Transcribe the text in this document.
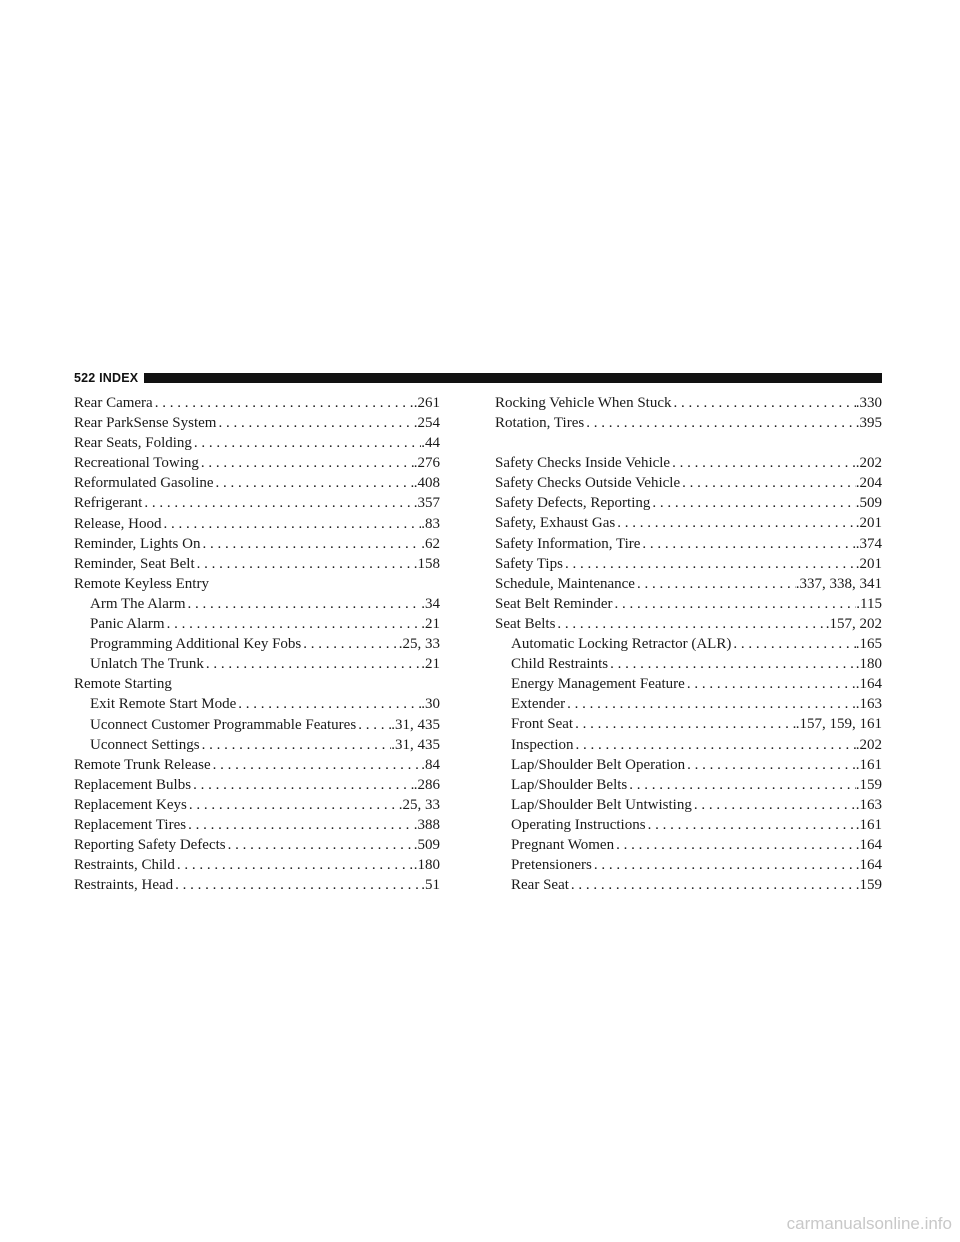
522 INDEX
Rear Camera . . .	.261
Rear ParkSense System . . .	.254
Rear Seats, Folding . . .	.44
Recreational Towing . . .	.276
Reformulated Gasoline . . .	.408
Refrigerant . . .	.357
Release, Hood . . .	.83
Reminder, Lights On . . .	.62
Reminder, Seat Belt . . .	.158
Remote Keyless Entry
Arm The Alarm . . .	.34
Panic Alarm . . .	.21
Programming Additional Key Fobs . . .	.25, 33
Unlatch The Trunk . . .	.21
Remote Starting
Exit Remote Start Mode . . .	.30
Uconnect Customer Programmable Features . . . .31, 435
Uconnect Settings . . .	.31, 435
Remote Trunk Release . . .	.84
Replacement Bulbs . . .	.286
Replacement Keys . . .	.25, 33
Replacement Tires . . .	.388
Reporting Safety Defects . . .	.509
Restraints, Child . . .	.180
Restraints, Head . . .	.51
Rocking Vehicle When Stuck . . .	.330
Rotation, Tires . . .	.395
Safety Checks Inside Vehicle . . .	.202
Safety Checks Outside Vehicle . . .	.204
Safety Defects, Reporting . . .	.509
Safety, Exhaust Gas . . .	.201
Safety Information, Tire . . .	.374
Safety Tips . . .	.201
Schedule, Maintenance . . .	.337, 338, 341
Seat Belt Reminder . . .	.115
Seat Belts . . .	.157, 202
Automatic Locking Retractor (ALR) . . .	.165
Child Restraints . . .	.180
Energy Management Feature . . .	.164
Extender . . .	.163
Front Seat . . .	.157, 159, 161
Inspection . . .	.202
Lap/Shoulder Belt Operation . . .	.161
Lap/Shoulder Belts . . .	.159
Lap/Shoulder Belt Untwisting . . .	.163
Operating Instructions . . .	.161
Pregnant Women . . .	.164
Pretensioners . . .	.164
Rear Seat . . .	.159
carmanualsonline.info
